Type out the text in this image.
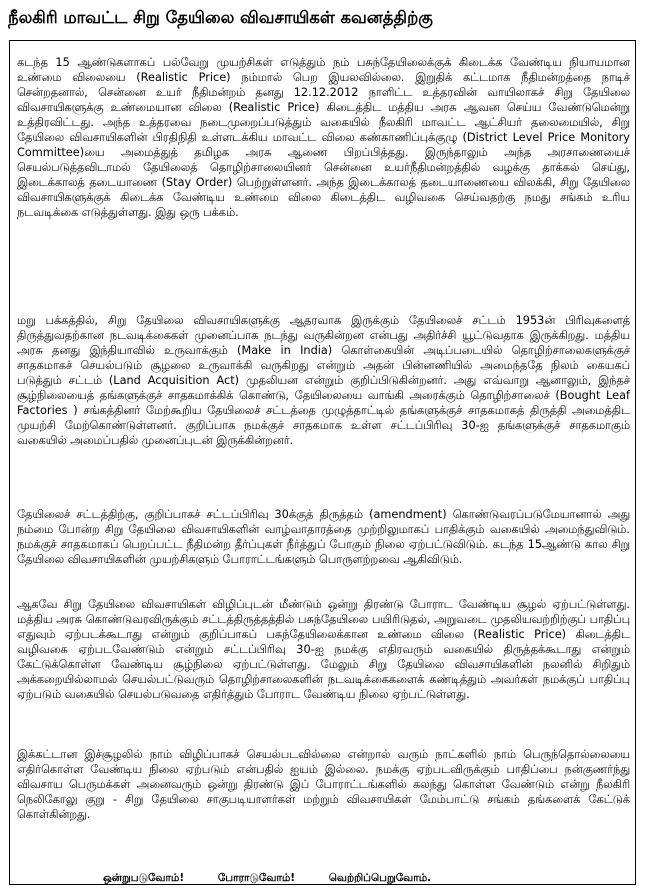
நீலகிரி மாவட்ட சிறு தேயிலை விவசாயிகள் கவனத்திற்கு

கடந்த 15 ஆண்டுகளாகப் பல்வேறு முயற்சிகள் எடுத்தும் நம் பசுந்தேயிலைக்குக் கிடைக்க வேண்டிய நியாயமான உண்மை விலையை (Realistic Price) நம்மால் பெற இயலவில்லை. இறுதிக் கட்டமாக நீதிமன்றத்தை நாடிச் சென்றதனால், சென்னை உயர் நீதிமன்றம் தனது 12.12.2012 நாளிட்ட உத்தரவின் வாயிலாகச் சிறு தேயிலை விவசாயிகளுக்கு உண்மையான விலை (Realistic Price) கிடைத்திட மத்திய அரசு ஆவன செய்ய வேண்டுமென்று உத்திரவிட்டது. அந்த உத்தரவை நடைமுறைப்படுத்தும் வகையில் நீலகிரி மாவட்ட ஆட்சியர் தலைமையில், சிறு தேயிலை விவசாயிகளின் பிரதிநிதி உள்ளடக்கிய மாவட்ட விலை கண்காணிப்புக்குழு (District Level Price Monitory Committee)யை அமைத்துத் தமிழக அரசு ஆணை பிறப்பித்தது. இருந்தாலும் அந்த அரசாணையைச் செயல்படுத்தவிடாமல் தேயிலைத் தொழிற்சாலையினர் சென்னை உயர்நீதிமன்றத்தில் வழக்கு தாக்கல் செய்து, இடைக்காலத் தடையாணை (Stay Order) பெற்றுள்ளனர். அந்த இடைக்காலத் தடையாணையை விலக்கி, சிறு தேயிலை விவசாயிகளுக்குக் கிடைக்க வேண்டிய உண்மை விலை கிடைத்திட வழிவகை செய்வதற்கு நமது சங்கம் உரிய நடவடிக்கை எடுத்துள்ளது. இது ஒரு பக்கம்.

மறு பக்கத்தில், சிறு தேயிலை விவசாயிகளுக்கு ஆதரவாக இருக்கும் தேயிலைச் சட்டம் 1953ன் பிரிவுகளைத் திருத்துவதற்கான நடவடிக்கைகள் முனைப்பாக நடந்து வருகின்றன என்பது அதிர்ச்சி யூட்டுவதாக இருக்கிறது. மத்திய அரசு தனது இந்தியாவில் உருவாக்கும் (Make in India) கொள்கையின் அடிப்படையில் தொழிற்சாலைகளுக்குச் சாதகமாகச் செயல்படும் சூழலை உருவாக்கி வருகிறது என்றும் அதன் பின்னணியில் அமைந்ததே நிலம் கையகப் படுத்தும் சட்டம் (Land Acquisition Act) முதலியன என்றும் குறிப்பிடுகின்றனர். அது எவ்வாறு ஆனாலும், இந்தச் சூழ்நிலையைத் தங்களுக்குச் சாதகமாக்கிக் கொண்டு, தேயிலையை வாங்கி அரைக்கும் தொழிற்சாலைச் (Bought Leaf Factories ) சங்கத்தினர் மேற்கூறிய தேயிலைச் சட்டத்தை முழுத்தாட்டில் தங்களுக்குச் சாதகமாகத் திருத்தி அமைத்திட முயற்சி மேற்கொண்டுள்ளனர். குறிப்பாக நமக்குச் சாதகமாக உள்ள சட்டப்பிரிவு 30-ஐ தங்களுக்குச் சாதகமாகும் வகையில் அமைப்பதில் முனைப்புடன் இருக்கின்றனர்.

தேயிலைச் சட்டத்திற்கு, குறிப்பாகச் சட்டப்பிரிவு 30க்குத் திருத்தம் (amendment) கொண்டுவரப்படுமேயானால் அது நம்மை போன்ற சிறு தேயிலை விவசாயிகளின் வாழ்வாதாரத்தை முற்றிலுமாகப் பாதிக்கும் வகையில் அமைந்துவிடும். நமக்குச் சாதகமாகப் பெறப்பட்ட நீதிமன்ற தீர்ப்புகள் நீர்த்துப் போகும் நிலை ஏற்பட்டுவிடும். கடந்த 15ஆண்டு கால சிறு தேயிலை விவசாயிகளின் முயற்சிகளும் போராட்டங்களும் பொருளற்றவை ஆகிவிடும்.

ஆகவே சிறு தேயிலை விவசாயிகள் விழிப்புடன் மீண்டும் ஒன்று திரண்டு போராட வேண்டிய சூழல் ஏற்பட்டுள்ளது. மத்திய அரசு கொண்டுவரவிருக்கும் சட்டத்திருத்தத்தில் பசுந்தேயிலை பயிரிடுதல், அறுவடை முதலியவற்றிற்குப் பாதிப்பு எதுவும் ஏற்படக்கூடாது என்றும் குறிப்பாகப் பசுந்தேயிலைக்கான உண்மை விலை (Realistic Price) கிடைத்திட வழிவகை ஏற்படவேண்டும் என்றும் சட்டப்பிரிவு 30-ஐ நமக்கு எதிரவரும் வகையில் திருத்தக்கூடாது என்றும் கேட்டுக்கொள்ள வேண்டிய சூழ்நிலை ஏற்பட்டுள்ளது. மேலும் சிறு தேயிலை விவசாயிகளின் நலனில் சிறிதும் அக்கறையில்லாமல் செயல்பட்டுவரும் தொழிற்சாலைகளின் நடவடிக்கைகளைக் கண்டித்தும் அவர்கள் நமக்குப் பாதிப்பு ஏற்படும் வகையில் செயல்படுவதை எதிர்த்தும் போராட வேண்டிய நிலை ஏற்பட்டுள்ளது.

இக்கட்டான இச்சூழலில் நாம் விழிப்பாகச் செயல்படவில்லை என்றால் வரும் நாட்களில் நாம் பெருந்தொல்லையை எதிர்கொள்ள வேண்டிய நிலை ஏற்படும் என்பதில் ஐயம் இல்லை. நமக்கு ஏற்படவிருக்கும் பாதிப்பை நன்குணர்ந்து விவசாய பெருமக்கள் அனைவரும் ஒன்று திரண்டு இப் போராட்டங்களில் கலந்து கொள்ள வேண்டும் என்று நீலகிரி நெலிகோலு குறு - சிறு தேயிலை சாகுபடியாளர்கள் மற்றும் விவசாயிகள் மேம்பாட்டு சங்கம் தங்களைக் கேட்டுக் கொள்கின்றது.

ஒன்றுபடுவோம்!	போராடுவோம்!	வெற்றிப்பெறுவோம்.
